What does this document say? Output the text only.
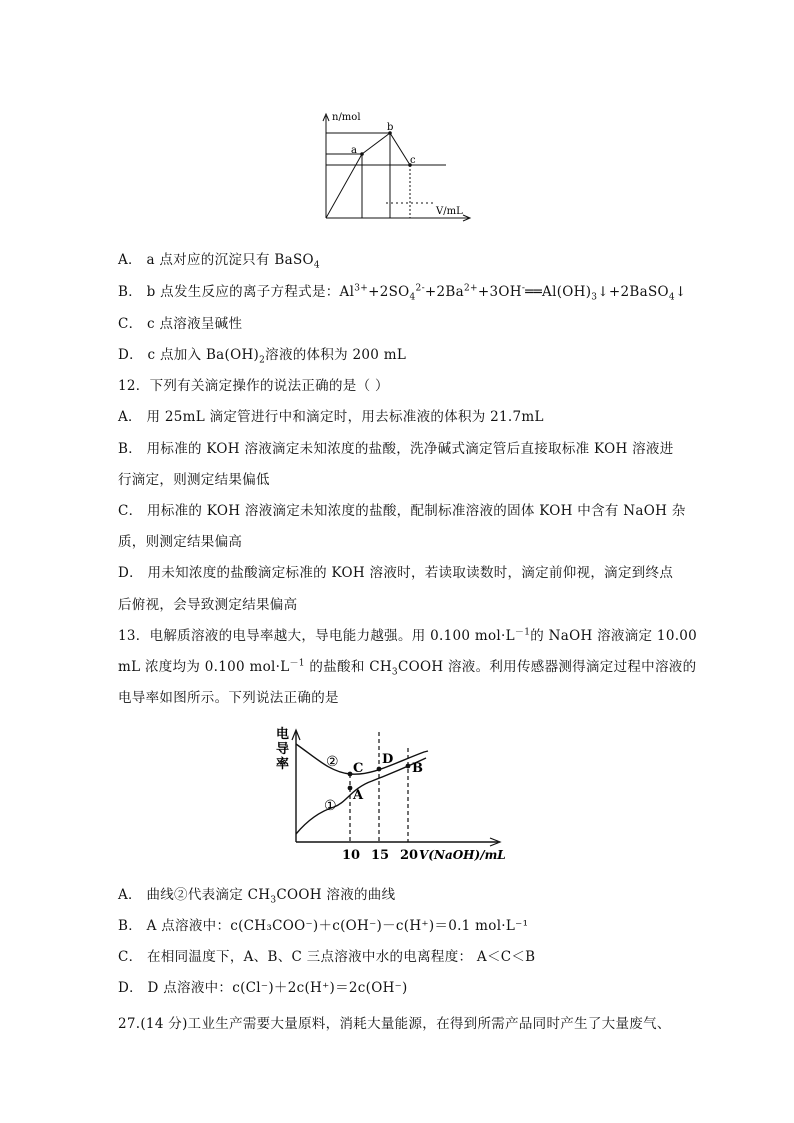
n/mol
V/mL
a
b
c
A． a 点对应的沉淀只有 BaSO$_4$
B． b 点发生反应的离子方程式是：$Al^{3+}+2SO_4^{2-}+2Ba^{2+}+3OH^-══Al(OH)_3↓+2BaSO_4↓$
C． c 点溶液呈碱性
D． c 点加入 $Ba(OH)_2$溶液的体积为 200 mL
12．下列有关滴定操作的说法正确的是（ ）
A． 用 25mL 滴定管进行中和滴定时，用去标准液的体积为 21.7mL
B． 用标准的 KOH 溶液滴定未知浓度的盐酸，洗净碱式滴定管后直接取标准 KOH 溶液进
行滴定，则测定结果偏低
C． 用标准的 KOH 溶液滴定未知浓度的盐酸，配制标准溶液的固体 KOH 中含有 NaOH 杂
质，则测定结果偏高
D． 用未知浓度的盐酸滴定标准的 KOH 溶液时，若读取读数时，滴定前仰视，滴定到终点
后俯视，会导致测定结果偏高
13．电解质溶液的电导率越大，导电能力越强。用 0.100 $mol\cdot L^{-1}$的 NaOH 溶液滴定 10.00
mL 浓度均为 0.100 $mol\cdot L^{-1}$ 的盐酸和 $CH_3COOH$ 溶液。利用传感器测得滴定过程中溶液的
电导率如图所示。下列说法正确的是
电
导
率	②
①
C
A
D
B
10 15 20 V(NaOH)/mL
A． 曲线②代表滴定 $CH_3COOH$ 溶液的曲线
B． A 点溶液中：c(CH₃COO⁻)＋c(OH⁻)－c(H⁺)＝0.1 mol·L⁻¹
C． 在相同温度下，A、B、C 三点溶液中水的电离程度： A＜C＜B
D． D 点溶液中：c(Cl⁻)＋2c(H⁺)＝2c(OH⁻)
27.(14 分)工业生产需要大量原料，消耗大量能源，在得到所需产品同时产生了大量废气、
